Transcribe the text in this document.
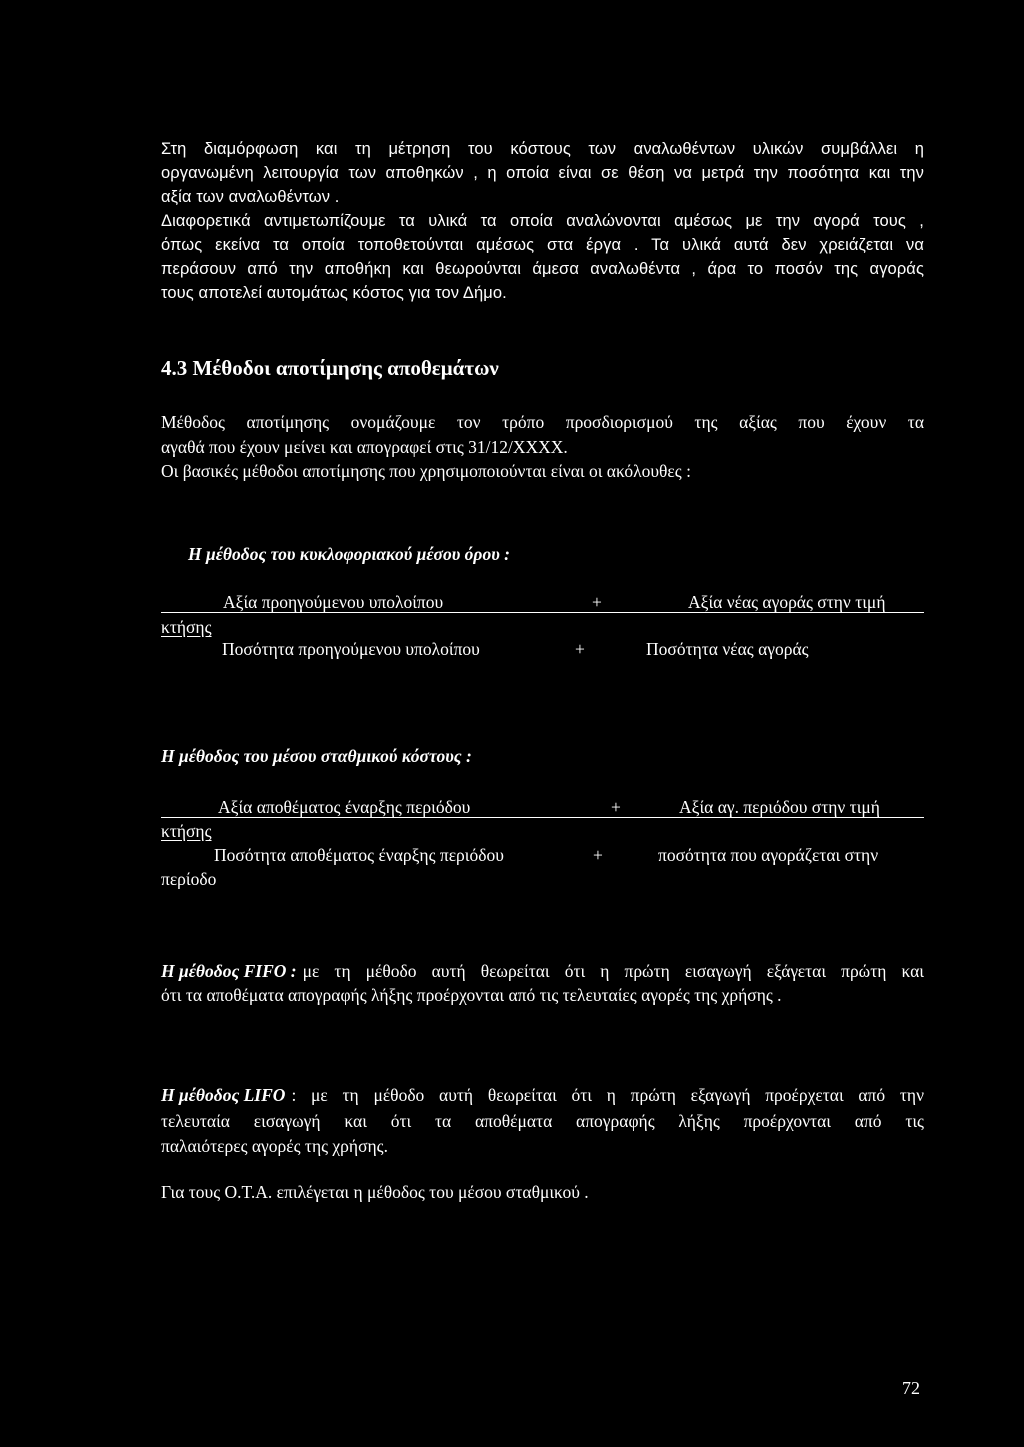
Στη διαμόρφωση και τη μέτρηση του κόστους των αναλωθέντων υλικών συμβάλλει η
οργανωμένη λειτουργία των αποθηκών , η οποία είναι σε θέση να μετρά την ποσότητα και την
αξία των αναλωθέντων .
Διαφορετικά αντιμετωπίζουμε τα υλικά τα οποία αναλώνονται αμέσως με την αγορά τους ,
όπως εκείνα τα οποία τοποθετούνται αμέσως στα έργα . Τα υλικά αυτά δεν χρειάζεται να
περάσουν από την αποθήκη και θεωρούνται άμεσα αναλωθέντα , άρα το ποσόν της αγοράς
τους αποτελεί αυτομάτως κόστος για τον Δήμο.
4.3 Μέθοδοι αποτίμησης αποθεμάτων
Μέθοδος αποτίμησης ονομάζουμε τον τρόπο προσδιορισμού της αξίας που έχουν τα
αγαθά που έχουν μείνει και απογραφεί στις 31/12/ΧΧΧΧ.
Οι βασικές μέθοδοι αποτίμησης που χρησιμοποιούνται είναι οι ακόλουθες :
Η μέθοδος του κυκλοφοριακού μέσου όρου :
Αξία προηγούμενου υπολοίπου	+	Αξία νέας αγοράς στην τιμή
κτήσης
Ποσότητα προηγούμενου υπολοίπου	+	Ποσότητα νέας αγοράς
Η μέθοδος του μέσου σταθμικού κόστους :
Αξία αποθέματος έναρξης περιόδου	+	Αξία αγ. περιόδου στην τιμή
κτήσης
Ποσότητα αποθέματος έναρξης περιόδου	+	ποσότητα που αγοράζεται στην
περίοδο
Η μέθοδος FIFO : με τη μέθοδο αυτή θεωρείται ότι η πρώτη εισαγωγή εξάγεται πρώτη και
ότι τα αποθέματα απογραφής λήξης προέρχονται από τις τελευταίες αγορές της χρήσης .
Η μέθοδος LIFO : με τη μέθοδο αυτή θεωρείται ότι η πρώτη εξαγωγή προέρχεται από την
τελευταία εισαγωγή και ότι τα αποθέματα απογραφής λήξης προέρχονται από τις
παλαιότερες αγορές της χρήσης.
Για τους Ο.Τ.Α. επιλέγεται η μέθοδος του μέσου σταθμικού .
72
